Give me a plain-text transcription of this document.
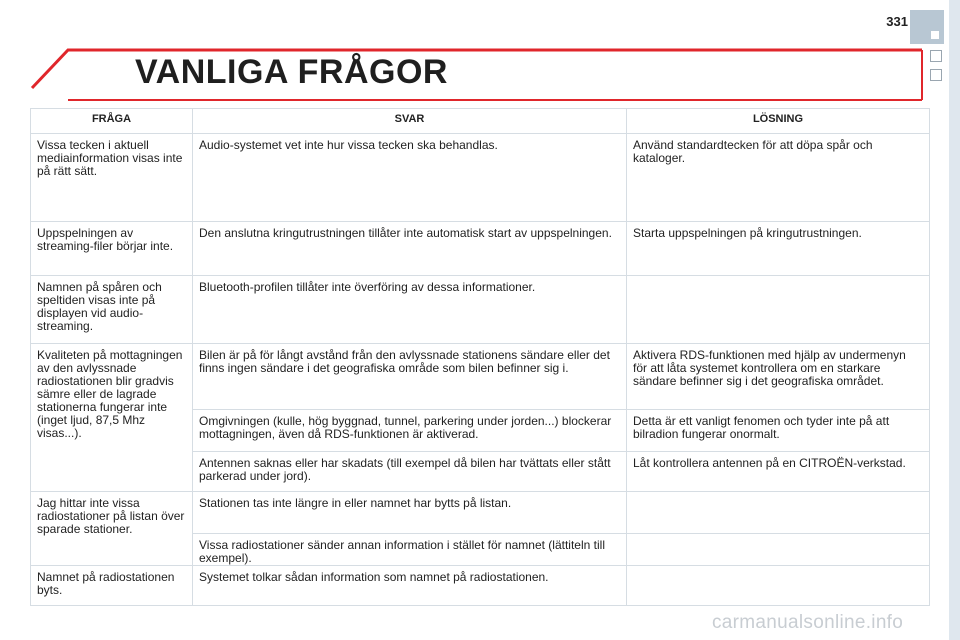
331
VANLIGA FRÅGOR
FRÅGA	SVAR	LÖSNING
Vissa tecken i aktuell mediainformation visas inte på rätt sätt.	Audio-systemet vet inte hur vissa tecken ska behandlas.	Använd standardtecken för att döpa spår och kataloger.
Uppspelningen av streaming-filer börjar inte.	Den anslutna kringutrustningen tillåter inte automatisk start av uppspelningen.	Starta uppspelningen på kringutrustningen.
Namnen på spåren och speltiden visas inte på displayen vid audio-streaming.	Bluetooth-profilen tillåter inte överföring av dessa informationer.	
Kvaliteten på mottagningen av den avlyssnade radiostationen blir gradvis sämre eller de lagrade stationerna fungerar inte (inget ljud, 87,5 Mhz visas...).	Bilen är på för långt avstånd från den avlyssnade stationens sändare eller det finns ingen sändare i det geografiska område som bilen befinner sig i.	Aktivera RDS-funktionen med hjälp av undermenyn för att låta systemet kontrollera om en starkare sändare befinner sig i det geografiska området.
	Omgivningen (kulle, hög byggnad, tunnel, parkering under jorden...) blockerar mottagningen, även då RDS-funktionen är aktiverad.	Detta är ett vanligt fenomen och tyder inte på att bilradion fungerar onormalt.
	Antennen saknas eller har skadats (till exempel då bilen har tvättats eller stått parkerad under jord).	Låt kontrollera antennen på en CITROËN-verkstad.
Jag hittar inte vissa radiostationer på listan över sparade stationer.	Stationen tas inte längre in eller namnet har bytts på listan.	
	Vissa radiostationer sänder annan information i stället för namnet (lättiteln till exempel).	
Namnet på radiostationen byts.	Systemet tolkar sådan information som namnet på radiostationen.	
carmanualsonline.info
